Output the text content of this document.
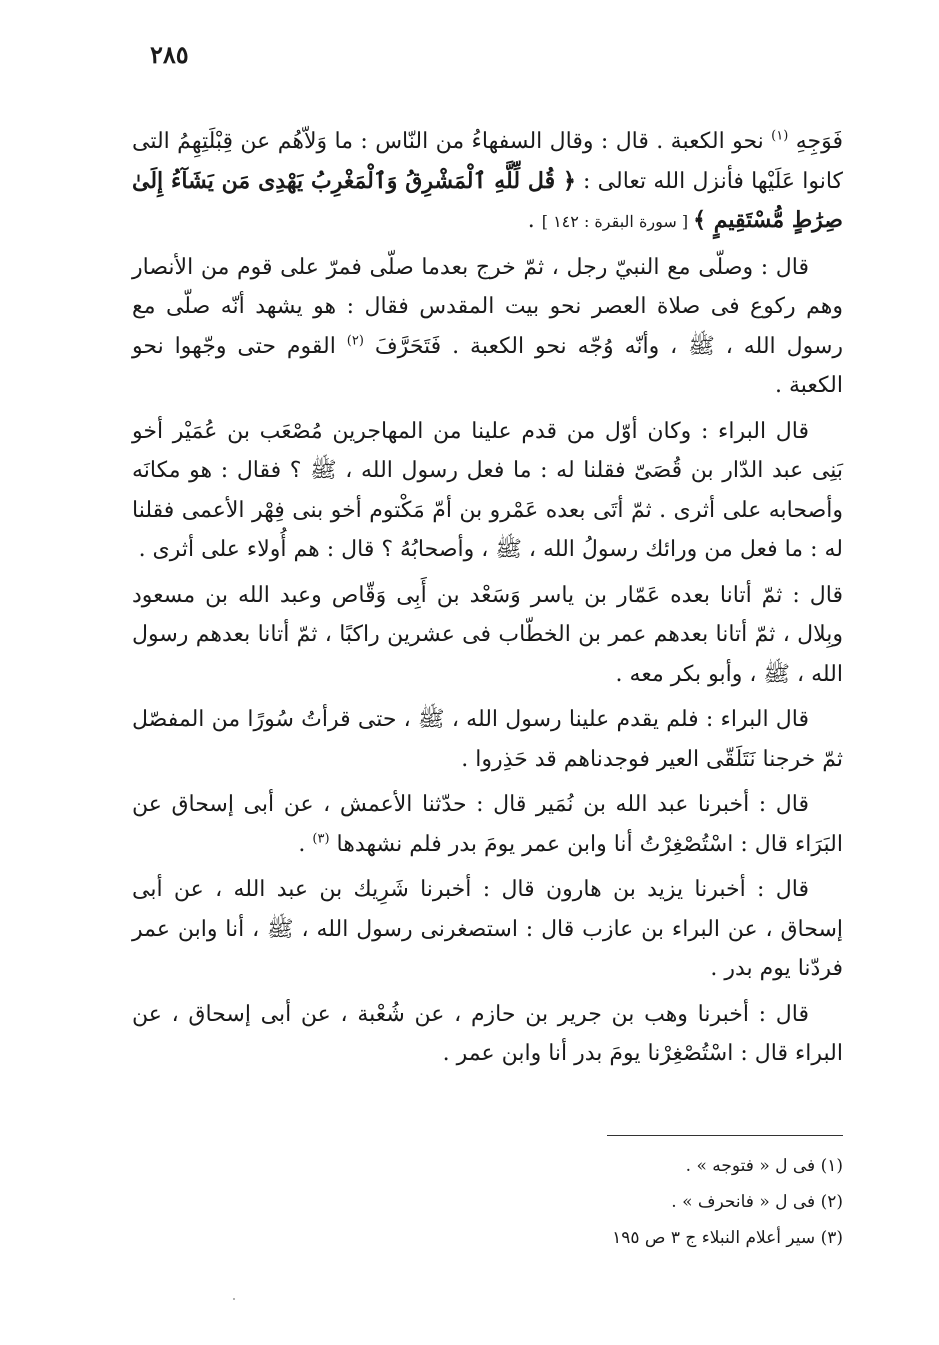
٢٨٥

فَوَجِهِ $^{(١)}$ نحو الكعبة . قال : وقال السفهاءُ من النّاس : ما وَلاّهُم عن قِبْلَتِهِمُ التى كانوا عَلَيْها فأنزل الله تعالى : ﴿ قُل لِّلَّهِ ٱلْمَشْرِقُ وَٱلْمَغْرِبُ يَهْدِى مَن يَشَآءُ إِلَىٰ صِرَٰطٍ مُّسْتَقِيمٍ ﴾ [ سورة البقرة : ١٤٢ ] .

قال : وصلّى مع النبيّ رجل ، ثمّ خرج بعدما صلّى فمرّ على قوم من الأنصار وهم ركوع فى صلاة العصر نحو بيت المقدس فقال : هو يشهد أنّه صلّى مع رسول الله ، ﷺ ، وأنّه وُجّه نحو الكعبة . فَتَحَرَّفَ $^{(٢)}$ القوم حتى وجّهوا نحو الكعبة .

قال البراء : وكان أوّل من قدم علينا من المهاجرين مُصْعَب بن عُمَيْر أخو بَنِى عبد الدّار بن قُصَىّ فقلنا له : ما فعل رسول الله ، ﷺ ؟ فقال : هو مكانَه وأصحابه على أثرى . ثمّ أتَى بعده عَمْرو بن أمّ مَكْتوم أخو بنى فِهْر الأعمى فقلنا له : ما فعل من ورائك رسولُ الله ، ﷺ ، وأصحابُهُ ؟ قال : هم أُولاء على أثرى .

قال : ثمّ أتانا بعده عَمّار بن ياسر وَسَعْد بن أَبِى وَقّاص وعبد الله بن مسعود وبِلال ، ثمّ أتانا بعدهم عمر بن الخطّاب فى عشرين راكبًا ، ثمّ أتانا بعدهم رسول الله ، ﷺ ، وأبو بكر معه .

قال البراء : فلم يقدم علينا رسول الله ، ﷺ ، حتى قرأتُ سُورًا من المفصّل ثمّ خرجنا نَتَلَقّى العير فوجدناهم قد حَذِروا .

قال : أخبرنا عبد الله بن نُمَير قال : حدّثنا الأعمش ، عن أبى إسحاق عن البَرَاء قال : اسْتُصْغِرْتُ أنا وابن عمر يومَ بدر فلم نشهدها $^{(٣)}$ .

قال : أخبرنا يزيد بن هارون قال : أخبرنا شَرِيك بن عبد الله ، عن أبى إسحاق ، عن البراء بن عازب قال : استصغرنى رسول الله ، ﷺ ، أنا وابن عمر فردّنا يوم بدر .

قال : أخبرنا وهب بن جرير بن حازم ، عن شُعْبة ، عن أبى إسحاق ، عن البراء قال : اسْتُصْغِرْنا يومَ بدر أنا وابن عمر .

(١) فى ل « فتوجه » .
(٢) فى ل « فانحرف » .
(٣) سير أعلام النبلاء ج ٣ ص ١٩٥
